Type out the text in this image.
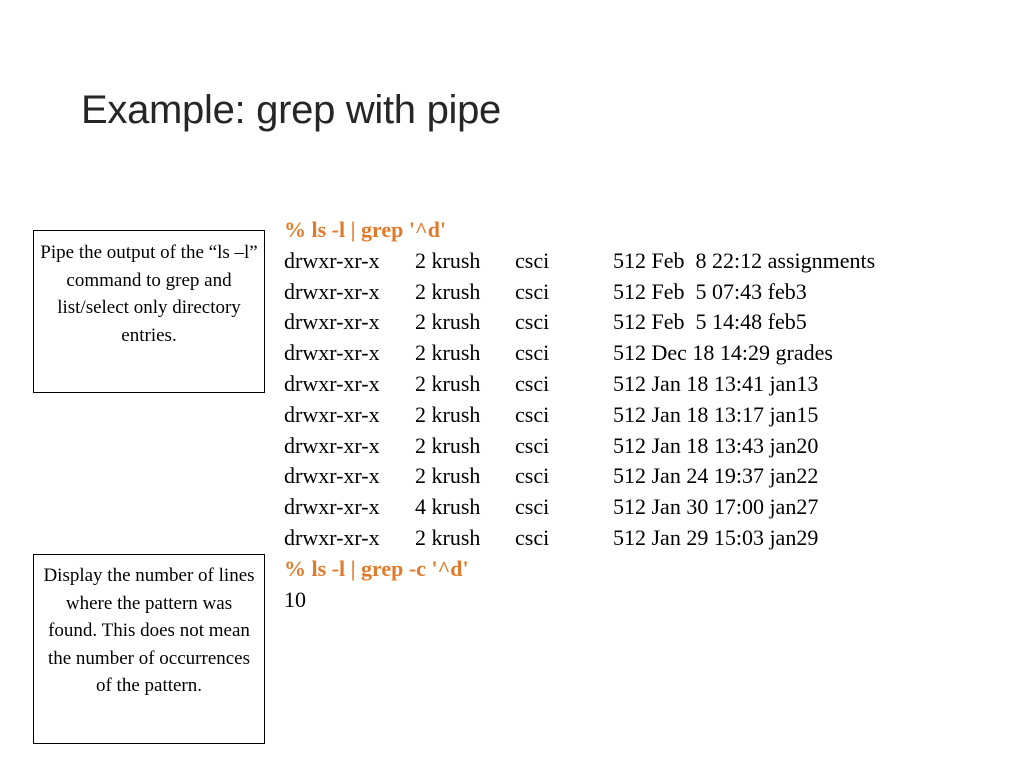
Example: grep with pipe
Pipe the output of the “ls –l” command to grep and list/select only directory entries.
Display the number of lines where the pattern was found. This does not mean the number of occurrences of the pattern.
% ls -l | grep '^d'
drwxr-xr-x	2 krush	csci	512 Feb  8 22:12 assignments
drwxr-xr-x	2 krush	csci	512 Feb  5 07:43 feb3
drwxr-xr-x	2 krush	csci	512 Feb  5 14:48 feb5
drwxr-xr-x	2 krush	csci	512 Dec 18 14:29 grades
drwxr-xr-x	2 krush	csci	512 Jan 18 13:41 jan13
drwxr-xr-x	2 krush	csci	512 Jan 18 13:17 jan15
drwxr-xr-x	2 krush	csci	512 Jan 18 13:43 jan20
drwxr-xr-x	2 krush	csci	512 Jan 24 19:37 jan22
drwxr-xr-x	4 krush	csci	512 Jan 30 17:00 jan27
drwxr-xr-x	2 krush	csci	512 Jan 29 15:03 jan29
% ls -l | grep -c '^d'
10
